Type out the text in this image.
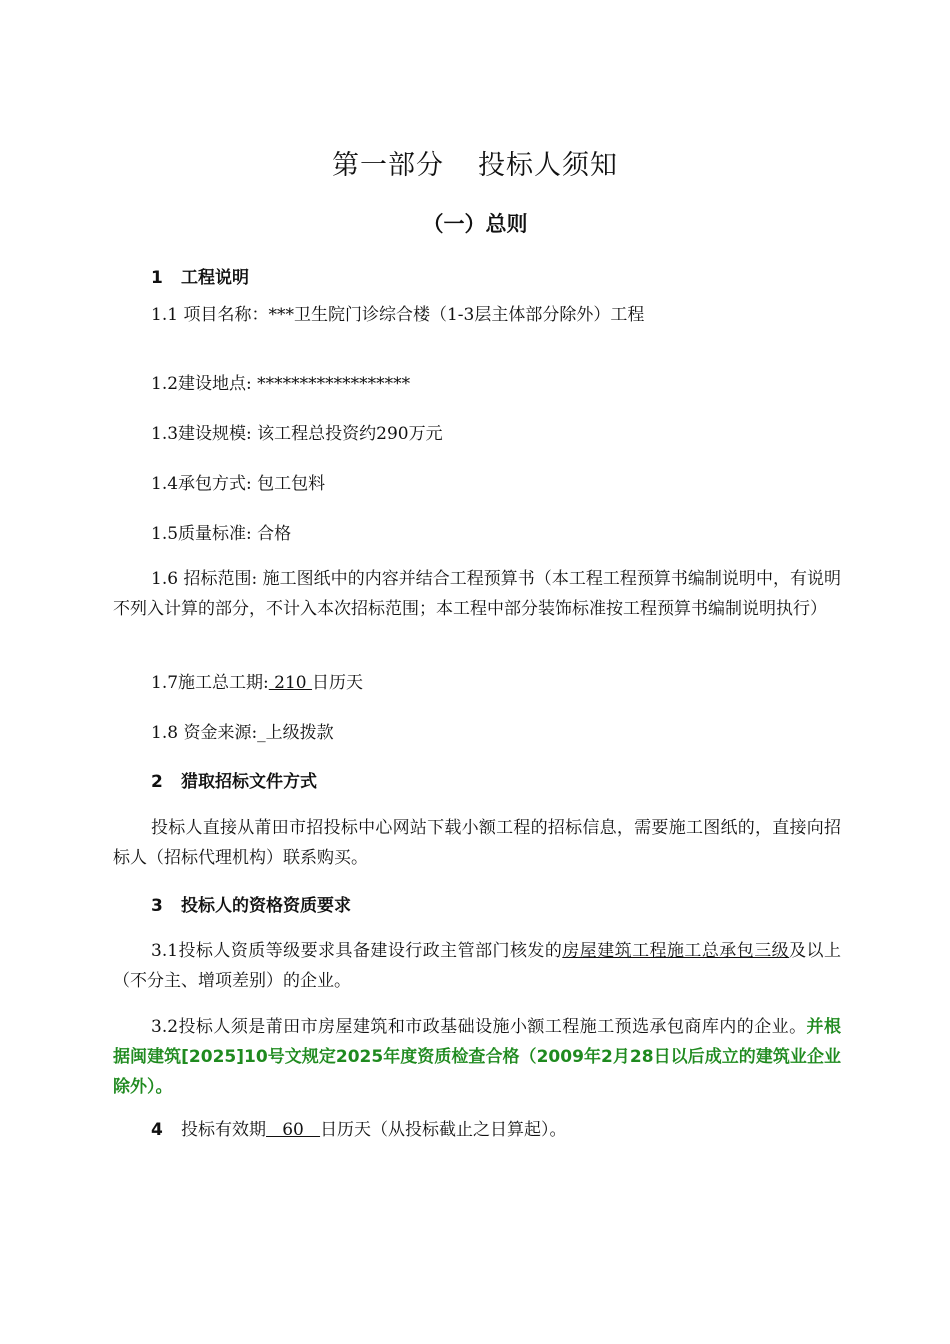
第一部分 投标人须知
（一）总则
1 工程说明
1.1 项目名称：***卫生院门诊综合楼（1-3层主体部分除外）工程
1.2建设地点: ******************
1.3建设规模: 该工程总投资约290万元
1.4承包方式: 包工包料
1.5质量标准: 合格
1.6 招标范围: 施工图纸中的内容并结合工程预算书（本工程工程预算书编制说明中，有说明不列入计算的部分，不计入本次招标范围；本工程中部分装饰标准按工程预算书编制说明执行）
1.7施工总工期: 210 日历天
1.8 资金来源:_上级拨款
2 猎取招标文件方式
投标人直接从莆田市招投标中心网站下载小额工程的招标信息，需要施工图纸的，直接向招标人（招标代理机构）联系购买。
3 投标人的资格资质要求
3.1投标人资质等级要求具备建设行政主管部门核发的房屋建筑工程施工总承包三级及以上（不分主、增项差别）的企业。
3.2投标人须是莆田市房屋建筑和市政基础设施小额工程施工预选承包商库内的企业。并根据闽建筑[2025]10号文规定2025年度资质检查合格（2009年2月28日以后成立的建筑业企业除外）。
4 投标有效期   60   日历天（从投标截止之日算起）。
